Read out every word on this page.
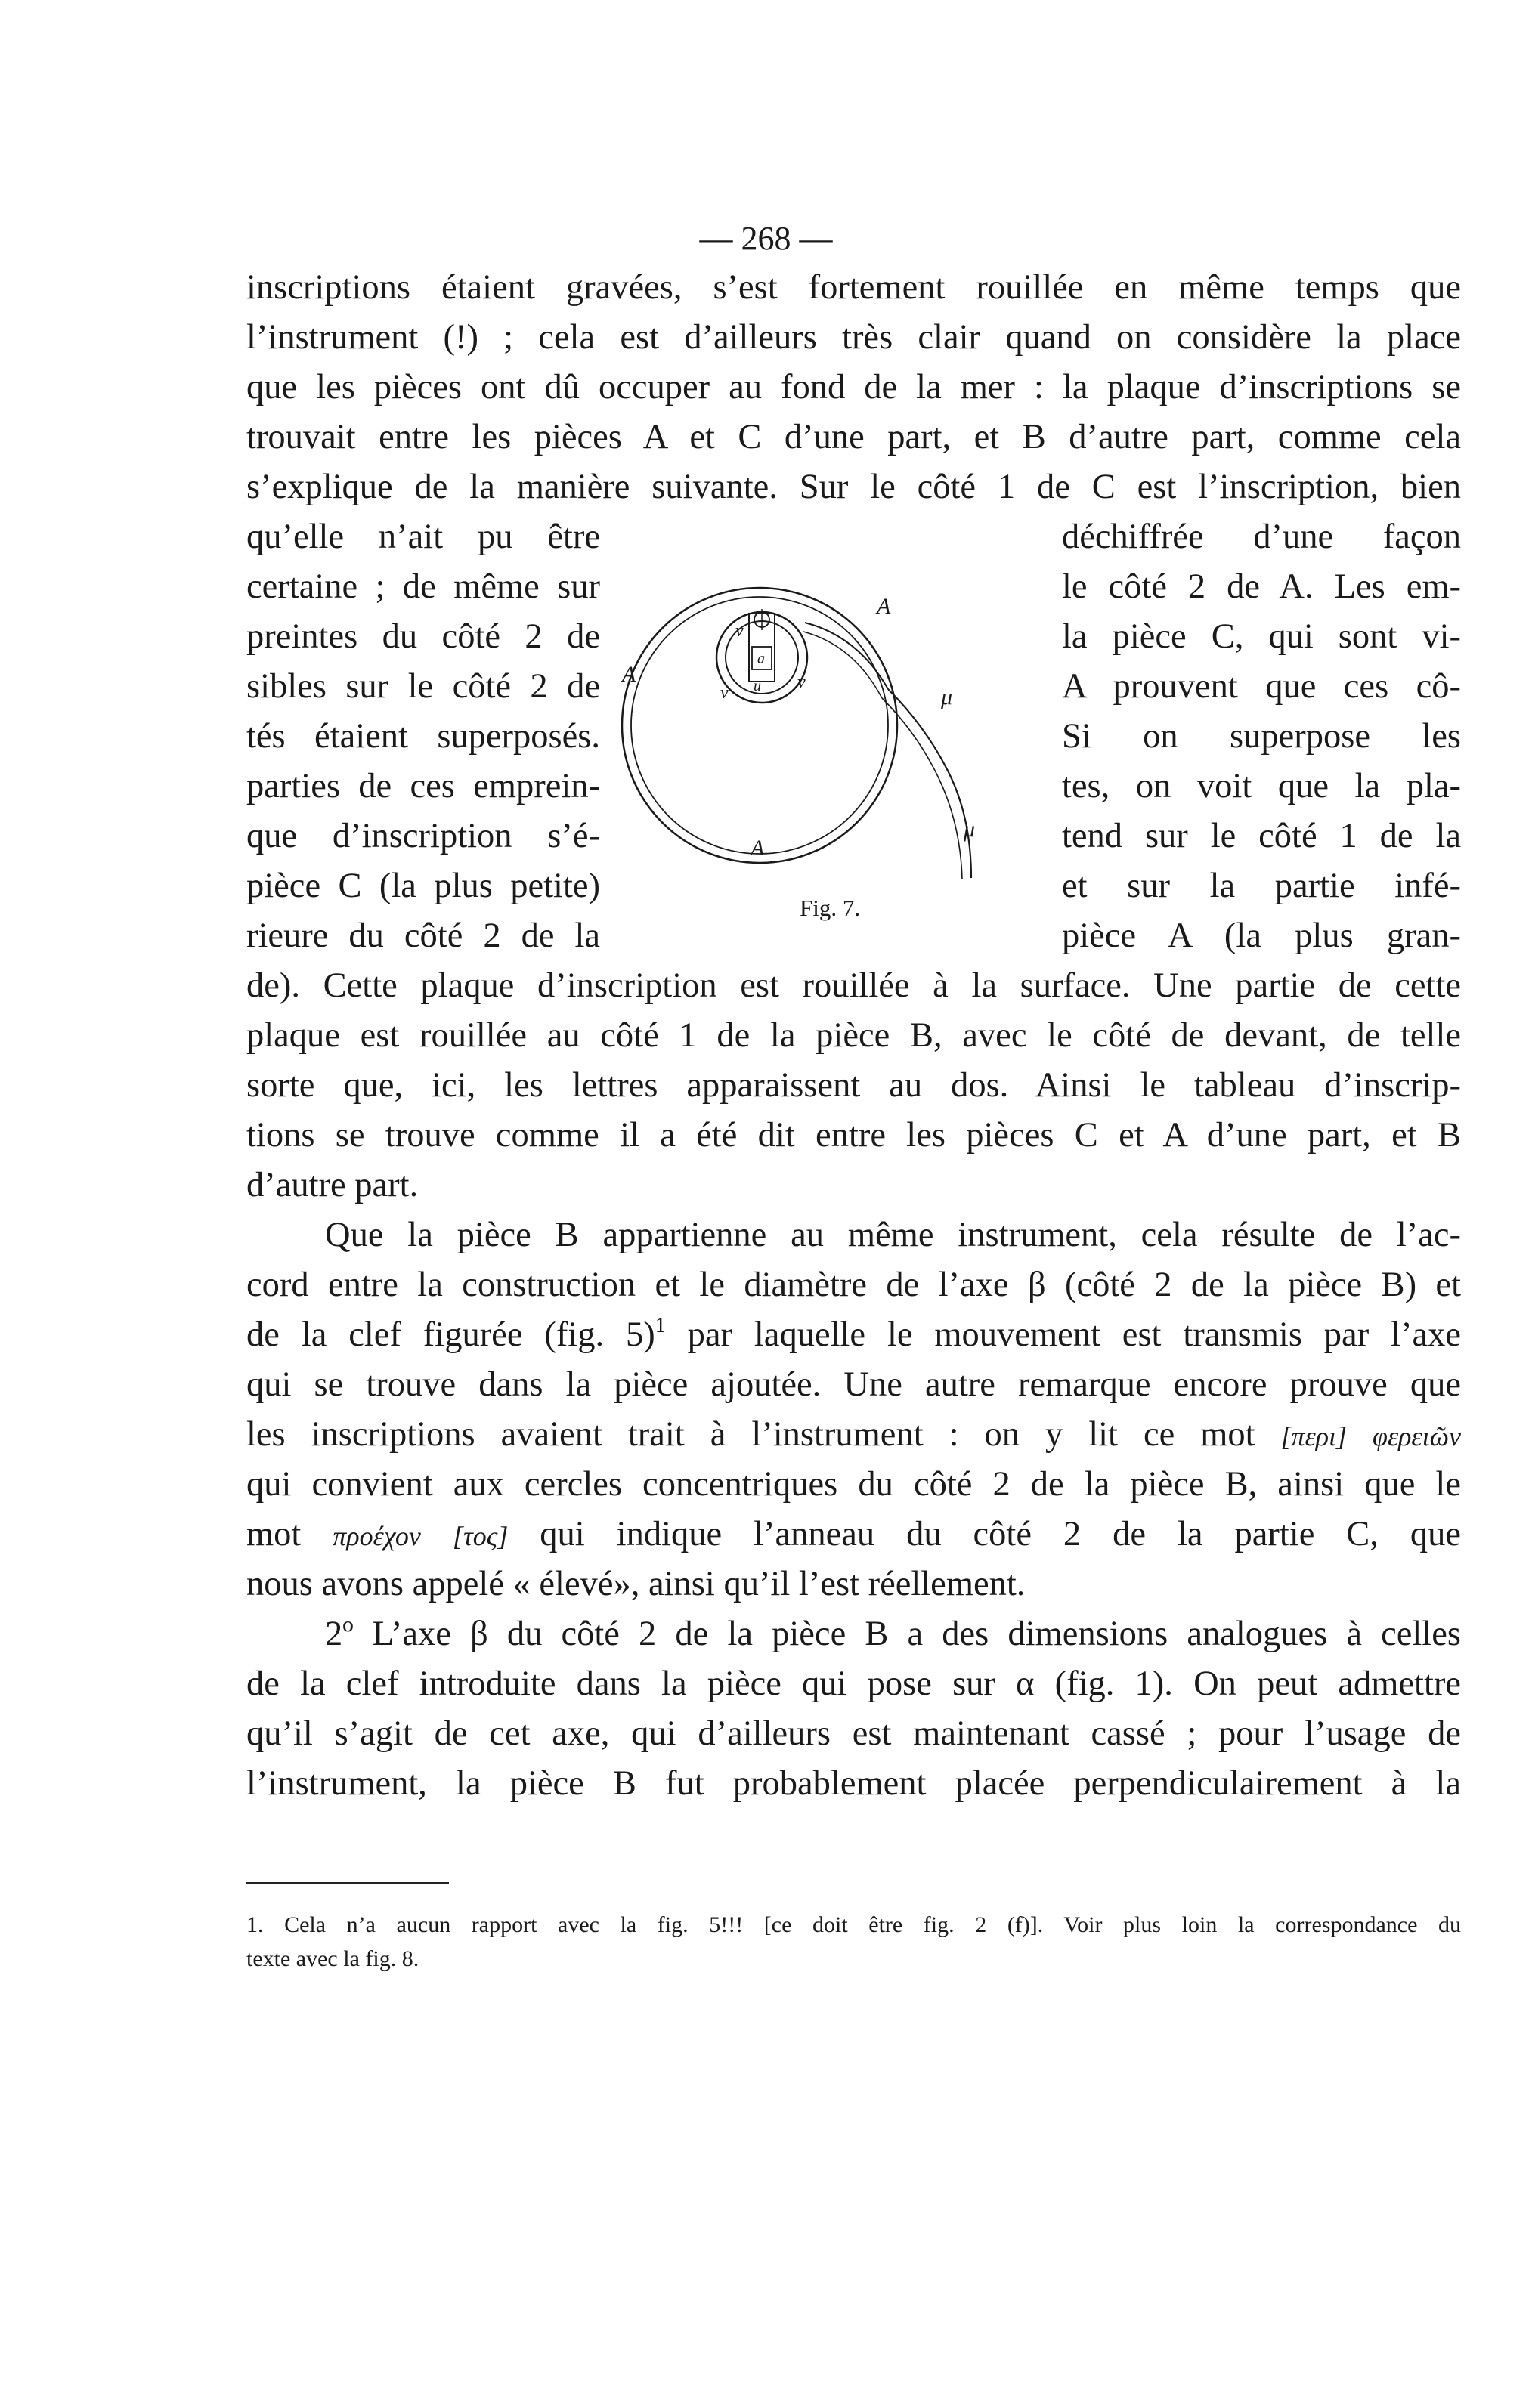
— 268 —
inscriptions étaient gravées, s’est fortement rouillée en même temps que
l’instrument (!) ; cela est d’ailleurs très clair quand on considère la place
que les pièces ont dû occuper au fond de la mer : la plaque d’inscriptions se
trouvait entre les pièces A et C d’une part, et B d’autre part, comme cela
s’explique de la manière suivante. Sur le côté 1 de C est l’inscription, bien
qu’elle n’ait pu être
certaine ; de même sur
preintes du côté 2 de
sibles sur le côté 2 de
tés étaient superposés.
parties de ces emprein-
que d’inscription s’é-
pièce C (la plus petite)
rieure du côté 2 de la
déchiffrée d’une façon
le côté 2 de A. Les em-
la pièce C, qui sont vi-
A prouvent que ces cô-
Si on superpose les
tes, on voit que la pla-
tend sur le côté 1 de la
et sur la partie infé-
pièce A (la plus gran-
A
A
A
μ
μ
ν
ν
ν
a
u
Fig. 7.
de). Cette plaque d’inscription est rouillée à la surface. Une partie de cette
plaque est rouillée au côté 1 de la pièce B, avec le côté de devant, de telle
sorte que, ici, les lettres apparaissent au dos. Ainsi le tableau d’inscrip-
tions se trouve comme il a été dit entre les pièces C et A d’une part, et B
d’autre part.
Que la pièce B appartienne au même instrument, cela résulte de l’ac-
cord entre la construction et le diamètre de l’axe β (côté 2 de la pièce B) et
de la clef figurée (fig. 5)$^1$ par laquelle le mouvement est transmis par l’axe
qui se trouve dans la pièce ajoutée. Une autre remarque encore prouve que
les inscriptions avaient trait à l’instrument : on y lit ce mot [περι] φερειῶν
qui convient aux cercles concentriques du côté 2 de la pièce B, ainsi que le
mot προέχον [τος] qui indique l’anneau du côté 2 de la partie C, que
nous avons appelé « élevé», ainsi qu’il l’est réellement.
2º L’axe β du côté 2 de la pièce B a des dimensions analogues à celles
de la clef introduite dans la pièce qui pose sur α (fig. 1). On peut admettre
qu’il s’agit de cet axe, qui d’ailleurs est maintenant cassé ; pour l’usage de
l’instrument, la pièce B fut probablement placée perpendiculairement à la
1. Cela n’a aucun rapport avec la fig. 5!!! [ce doit être fig. 2 (f)]. Voir plus loin la correspondance du
texte avec la fig. 8.
